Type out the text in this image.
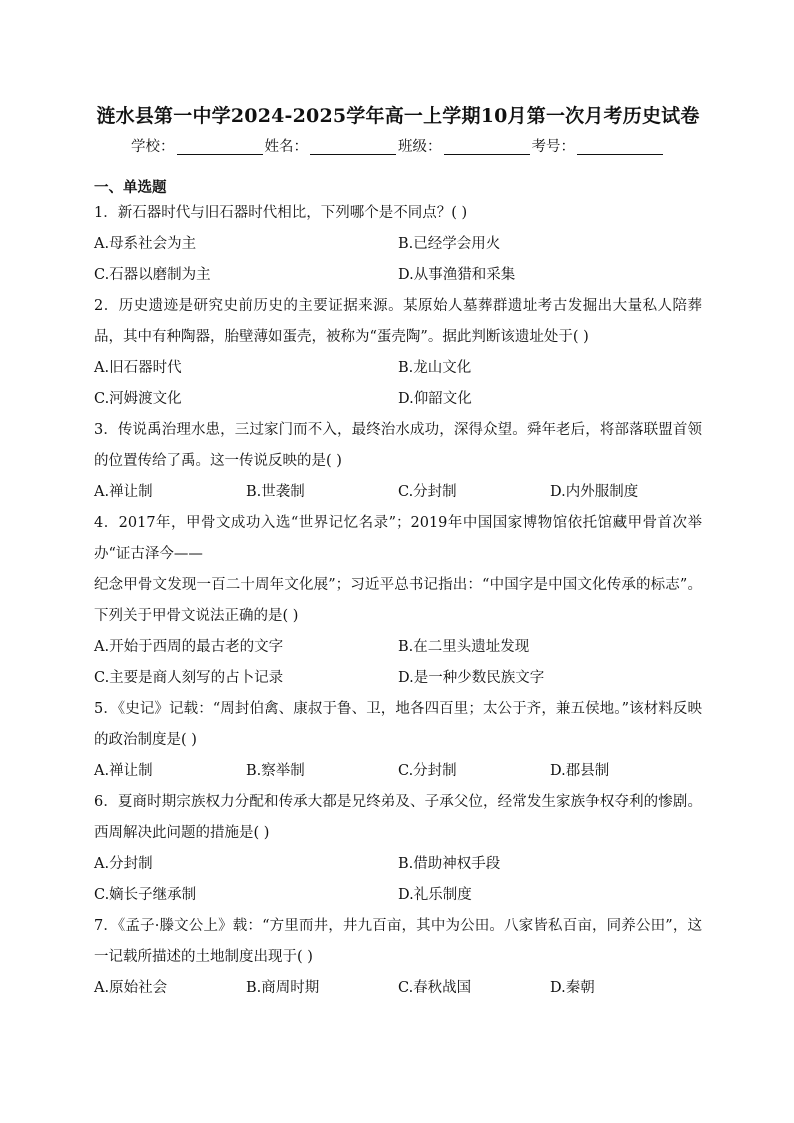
涟水县第一中学2024-2025学年高一上学期10月第一次月考历史试卷
学校：	姓名：	班级：	考号：
一、单选题

1．新石器时代与旧石器时代相比，下列哪个是不同点？( )

A.母系社会为主	B.已经学会用火
C.石器以磨制为主	D.从事渔猎和采集

2．历史遗迹是研究史前历史的主要证据来源。某原始人墓葬群遗址考古发掘出大量私人陪葬品，其中有种陶器，胎壁薄如蛋壳，被称为“蛋壳陶”。据此判断该遗址处于( )

A.旧石器时代	B.龙山文化
C.河姆渡文化	D.仰韶文化

3．传说禹治理水患，三过家门而不入，最终治水成功，深得众望。舜年老后，将部落联盟首领的位置传给了禹。这一传说反映的是( )

A.禅让制	B.世袭制	C.分封制	D.内外服制度

4．2017年，甲骨文成功入选“世界记忆名录”；2019年中国国家博物馆依托馆藏甲骨首次举办“证古泽今——

纪念甲骨文发现一百二十周年文化展”；习近平总书记指出：“中国字是中国文化传承的标志”。下列关于甲骨文说法正确的是( )

A.开始于西周的最古老的文字	B.在二里头遗址发现
C.主要是商人刻写的占卜记录	D.是一种少数民族文字

5．《史记》记载：“周封伯禽、康叔于鲁、卫，地各四百里；太公于齐，兼五侯地。”该材料反映的政治制度是( )

A.禅让制	B.察举制	C.分封制	D.郡县制

6．夏商时期宗族权力分配和传承大都是兄终弟及、子承父位，经常发生家族争权夺利的惨剧。西周解决此问题的措施是( )

A.分封制	B.借助神权手段
C.嫡长子继承制	D.礼乐制度

7．《孟子·滕文公上》载：“方里而井，井九百亩，其中为公田。八家皆私百亩，同养公田”，这一记载所描述的土地制度出现于( )

A.原始社会	B.商周时期	C.春秋战国	D.秦朝
